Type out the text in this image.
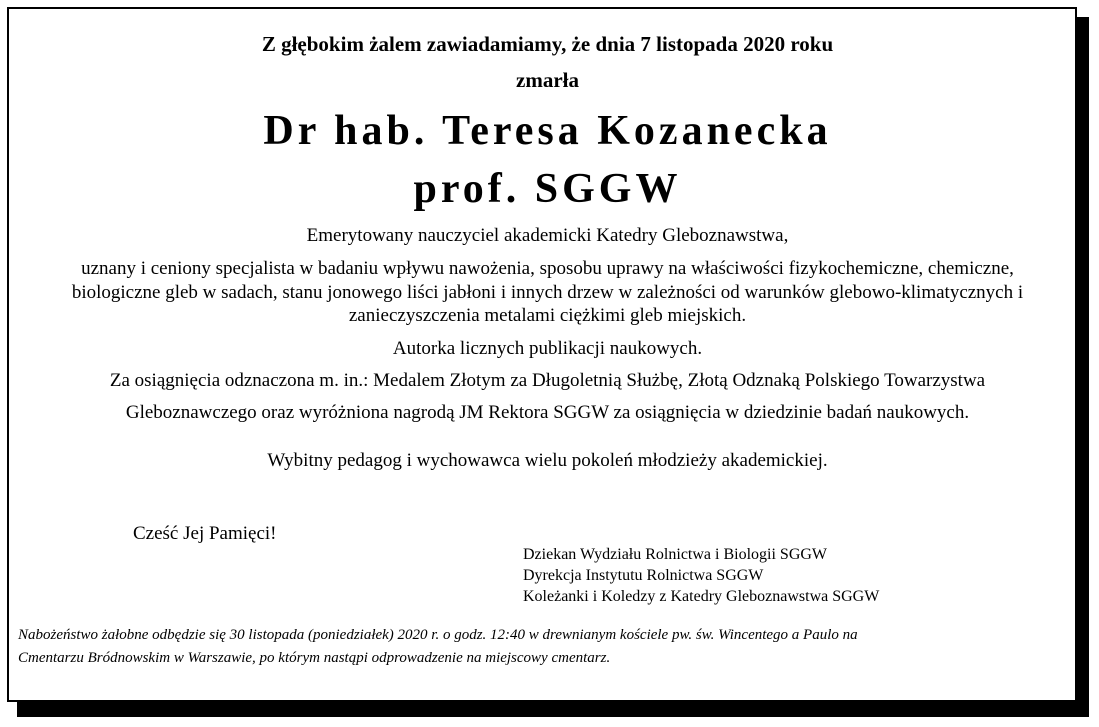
Z głębokim żalem zawiadamiamy, że dnia 7 listopada 2020 roku
zmarła
Dr hab. Teresa Kozanecka
prof. SGGW
Emerytowany nauczyciel akademicki Katedry Gleboznawstwa,
uznany i ceniony specjalista w badaniu wpływu nawożenia, sposobu uprawy na właściwości fizykochemiczne, chemiczne,
biologiczne gleb w sadach, stanu jonowego liści jabłoni i innych drzew w zależności od warunków glebowo-klimatycznych i
zanieczyszczenia metalami ciężkimi gleb miejskich.
Autorka licznych publikacji naukowych.
Za osiągnięcia odznaczona m. in.: Medalem Złotym za Długoletnią Służbę, Złotą Odznaką Polskiego Towarzystwa
Gleboznawczego oraz wyróżniona nagrodą JM Rektora SGGW za osiągnięcia w dziedzinie badań naukowych.
Wybitny pedagog i wychowawca wielu pokoleń młodzieży akademickiej.
Cześć Jej Pamięci!
Dziekan Wydziału Rolnictwa i Biologii SGGW
Dyrekcja Instytutu Rolnictwa SGGW
Koleżanki i Koledzy z Katedry Gleboznawstwa SGGW
Nabożeństwo żałobne odbędzie się 30 listopada (poniedziałek) 2020 r. o godz. 12:40 w drewnianym kościele pw. św. Wincentego a Paulo na
Cmentarzu Bródnowskim w Warszawie, po którym nastąpi odprowadzenie na miejscowy cmentarz.
